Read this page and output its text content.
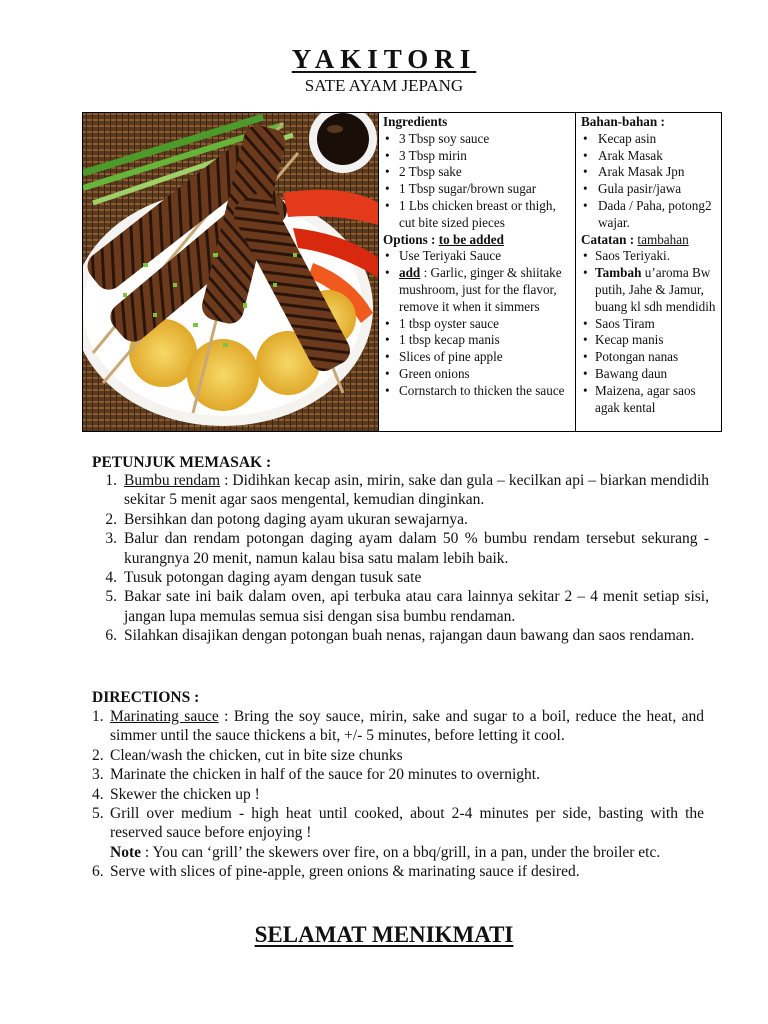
YAKITORI
SATE AYAM JEPANG
Ingredients
• 3 Tbsp soy sauce
• 3 Tbsp mirin
• 2 Tbsp sake
• 1 Tbsp sugar/brown sugar
• 1 Lbs chicken breast or thigh, cut bite sized pieces
Options : to be added
• Use Teriyaki Sauce
• add : Garlic, ginger & shiitake mushroom, just for the flavor, remove it when it simmers
• 1 tbsp oyster sauce
• 1 tbsp kecap manis
• Slices of pine apple
• Green onions
• Cornstarch to thicken the sauce
Bahan-bahan :
• Kecap asin
• Arak Masak
• Arak Masak Jpn
• Gula pasir/jawa
• Dada / Paha, potong2 wajar.
Catatan : tambahan
• Saos Teriyaki.
• Tambah u’aroma Bw putih, Jahe & Jamur, buang kl sdh mendidih
• Saos Tiram
• Kecap manis
• Potongan nanas
• Bawang daun
• Maizena, agar saos agak kental
PETUNJUK MEMASAK :
1. Bumbu rendam : Didihkan kecap asin, mirin, sake dan gula – kecilkan api – biarkan mendidih sekitar 5 menit agar saos mengental, kemudian dinginkan.
2. Bersihkan dan potong daging ayam ukuran sewajarnya.
3. Balur dan rendam potongan daging ayam dalam 50 % bumbu rendam tersebut sekurang -kurangnya 20 menit, namun kalau bisa satu malam lebih baik.
4. Tusuk potongan daging ayam dengan tusuk sate
5. Bakar sate ini baik dalam oven, api terbuka atau cara lainnya sekitar 2 – 4 menit setiap sisi, jangan lupa memulas semua sisi dengan sisa bumbu rendaman.
6. Silahkan disajikan dengan potongan buah nenas, rajangan daun bawang dan saos rendaman.
DIRECTIONS :
1. Marinating sauce : Bring the soy sauce, mirin, sake and sugar to a boil, reduce the heat, and simmer until the sauce thickens a bit, +/- 5 minutes, before letting it cool.
2. Clean/wash the chicken, cut in bite size chunks
3. Marinate the chicken in half of the sauce for 20 minutes to overnight.
4. Skewer the chicken up !
5. Grill over medium - high heat until cooked, about 2-4 minutes per side, basting with the reserved sauce before enjoying !
Note : You can ‘grill’ the skewers over fire, on a bbq/grill, in a pan, under the broiler etc.
6. Serve with slices of pine-apple, green onions & marinating sauce if desired.
SELAMAT MENIKMATI
